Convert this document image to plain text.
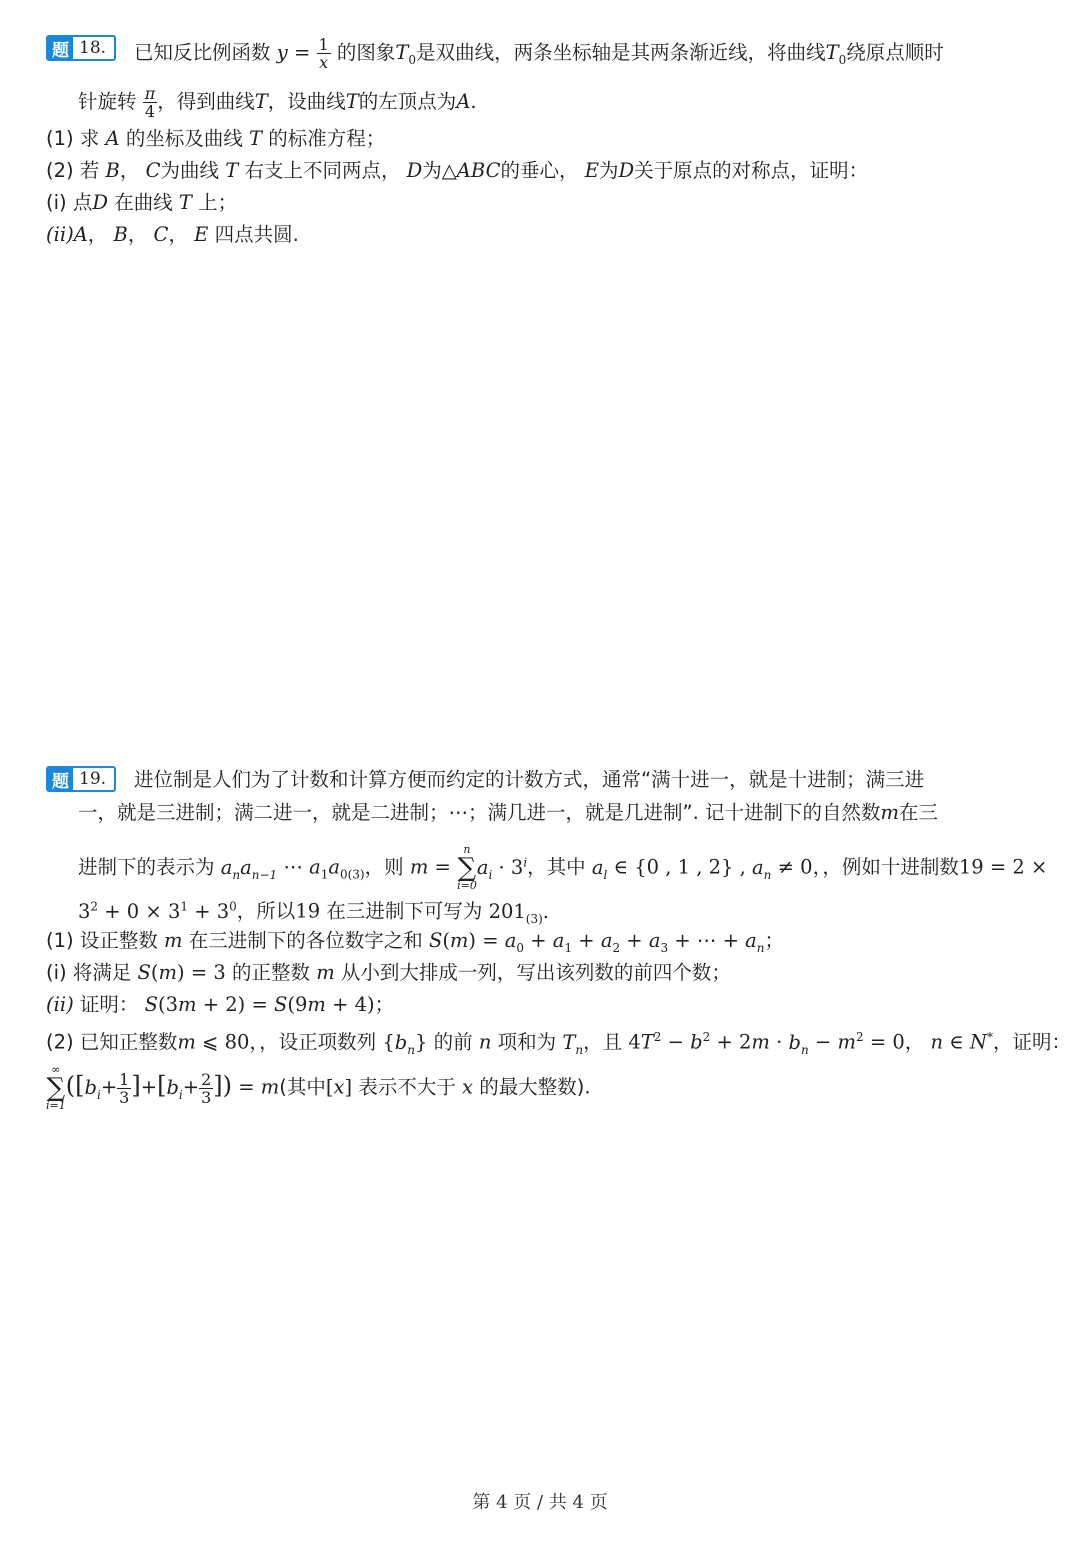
题 18.	已知反比例函数 $y = \frac{1}{x}$ 的图象$T_0$是双曲线，两条坐标轴是其两条渐近线，将曲线$T_0$绕原点顺时
针旋转 $\frac{\pi}{4}$ ，得到曲线T，设曲线T的左顶点为A.
(1) 求 A 的坐标及曲线 T 的标准方程；
(2) 若 B， C为曲线 T 右支上不同两点， D为△ABC的垂心， E为D关于原点的对称点，证明：
(i) 点D 在曲线 T 上；
(ii)A， B， C， E 四点共圆.
题 19.	进位制是人们为了计数和计算方便而约定的计数方式，通常“满十进一，就是十进制；满三进
一，就是三进制；满二进一，就是二进制；⋯；满几进一，就是几进制”. 记十进制下的自然数m在三
进制下的表示为 $a_na_{n-1}$ ⋯ $a_1a_{0(3)}$，则 m =
n
∑
i=0
$a_i \cdot 3^i$，其中 $a_l$ ∈ {0 , 1 , 2} , $a_n \ne 0$，，例如十进制数19 = 2 ×
$3^2 + 0 \times 3^1 + 3^0$，所以19 在三进制下可写为 $201_{(3)}$.
(1) 设正整数 m 在三进制下的各位数字之和 $S(m) = a_0 + a_1 + a_2 + a_3$ + ⋯ + $a_n$；
(i) 将满足 S(m) = 3 的正整数 m 从小到大排成一列，写出该列数的前四个数；
(ii) 证明： S(3m + 2) = S(9m + 4)；
(2) 已知正整数m ⩽ 80，，设正项数列 $\{b_n\}$ 的前 n 项和为 $T_n$，且 $4T^2 - b^2 + 2m \cdot b_n - m^2 = 0$， n ∈ N*，证明：
∞
∑
i=1
($[b_i+ \frac{1}{3} ]+[b_i+ \frac{2}{3}$ ]) = m(其中[x] 表示不大于 x 的最大整数).
第 4 页 / 共 4 页
